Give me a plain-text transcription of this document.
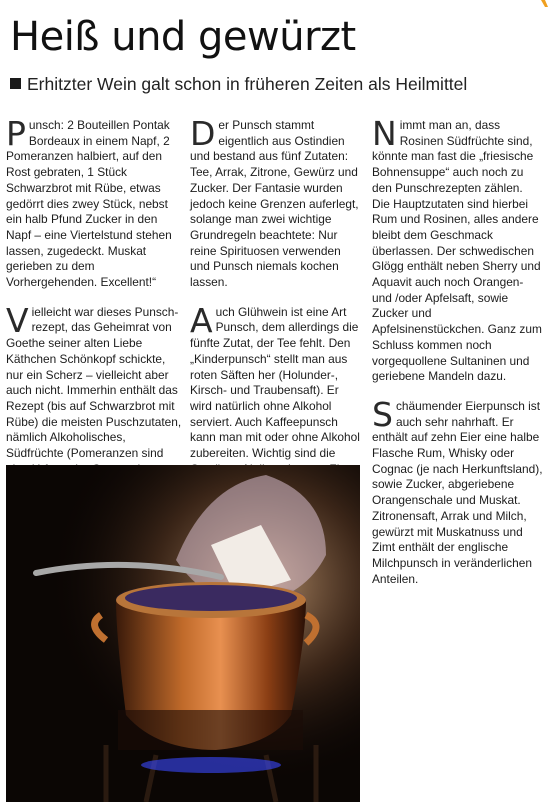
Heiß und gewürzt
Erhitzter Wein galt schon in früheren Zeiten als Heilmittel

Punsch: 2 Bouteillen Pontak Bordeaux in einem Napf, 2 Pomeranzen halbiert, auf den Rost gebraten, 1 Stück Schwarzbrot mit Rübe, etwas gedörrt dies zwey Stück, nebst ein halb Pfund Zucker in den Napf – eine Viertelstund stehen lassen, zugedeckt. Muskat gerieben zu dem Vorhergehenden. Excellent!“

Vielleicht war dieses Punsch-rezept, das Geheimrat von Goethe seiner alten Liebe Käthchen Schönkopf schickte, nur ein Scherz – vielleicht aber auch nicht. Immerhin enthält das Rezept (bis auf Schwarzbrot mit Rübe) die meisten Puschzutaten, nämlich Alkoholisches, Südfrüchte (Pomeranzen sind

Der Punsch stammt eigentlich aus Ostindien und bestand aus fünf Zutaten: Tee, Arrak, Zitrone, Gewürz und Zucker. Der Fantasie wurden jedoch keine Grenzen auferlegt, solange man zwei wichtige Grundregeln beachtete: Nur reine Spirituosen verwenden und Punsch niemals kochen lassen.

Auch Glühwein ist eine Art Punsch, dem allerdings die fünfte Zutat, der Tee fehlt. Den „Kinderpunsch“ stellt man aus roten Säften her (Holunder-, Kirsch- und Traubensaft). Er wird natürlich ohne Alkohol serviert. Auch Kaffeepunsch kann man mit oder ohne Alkohol zubereiten. Wichtig sind die

Nimmt man an, dass Rosinen Südfrüchte sind, könnte man fast die „friesische Bohnensuppe“ auch noch zu den Punschrezepten zählen. Die Hauptzutaten sind hierbei Rum und Rosinen, alles andere bleibt dem Geschmack überlassen. Der schwedischen Glögg enthält neben Sherry und Aquavit auch noch Orangen- und /oder Apfelsaft, sowie Zucker und Apfelsinenstückchen. Ganz zum Schluss kommen noch vorgequollene Sultaninen und geriebene Mandeln dazu.

Schäumender Eierpunsch ist auch sehr nahrhaft. Er enthält auf zehn Eier eine halbe Flasche Rum, Whisky oder Cognac (je nach Herkunftsland), sowie Zucker, abgeriebene Orangenschale und Muskat. Zitronensaft, Arrak und Milch, gewürzt mit Muskatnuss und Zimt enthält der englische Milchpunsch in veränderlichen Anteilen.
